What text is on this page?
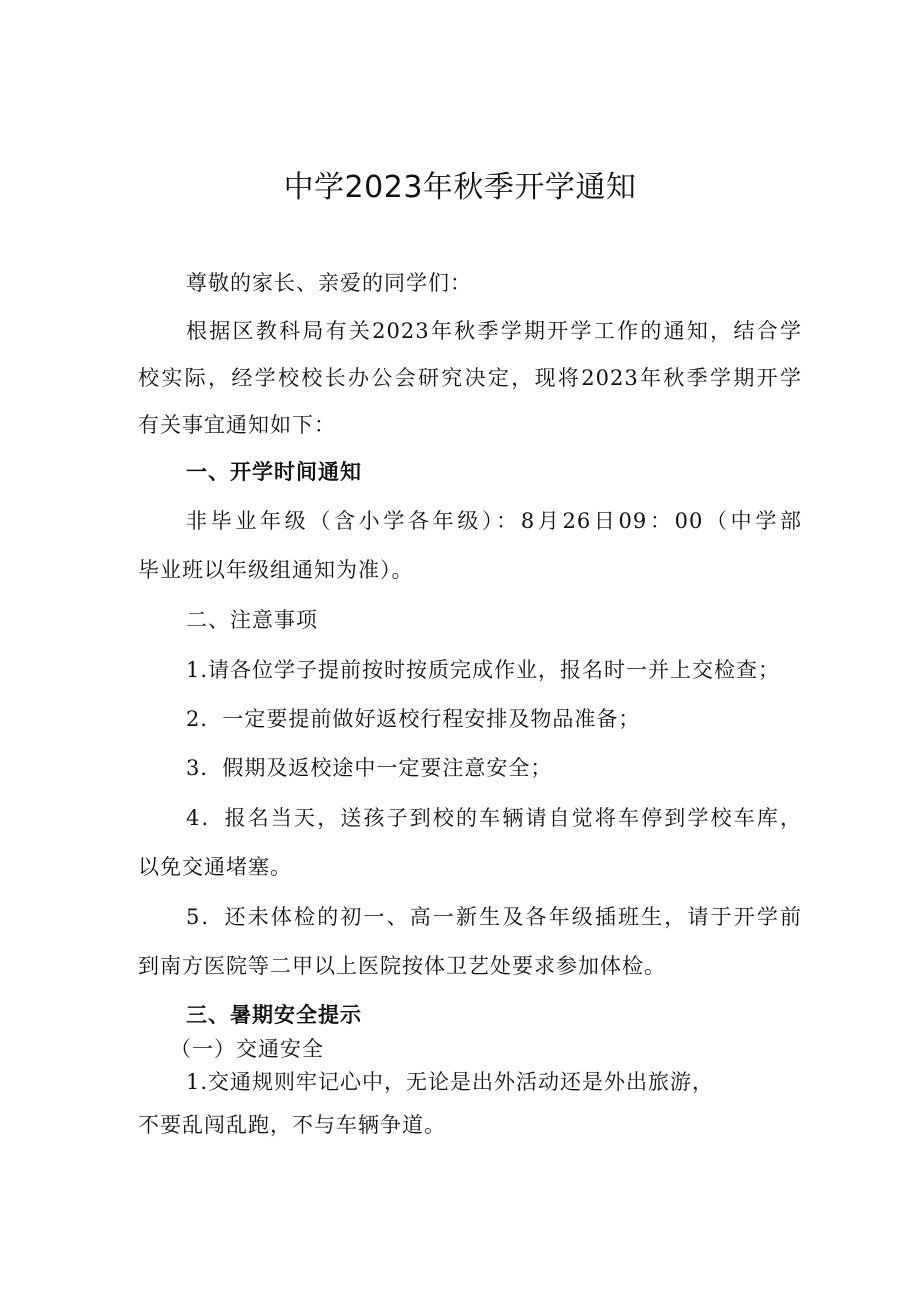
中学2023年秋季开学通知
尊敬的家长、亲爱的同学们：
根据区教科局有关2023年秋季学期开学工作的通知，结合学
校实际，经学校校长办公会研究决定，现将2023年秋季学期开学
有关事宜通知如下：
一、开学时间通知
非毕业年级（含小学各年级）：8月26日09：00（中学部
毕业班以年级组通知为准）。
二、注意事项
1.请各位学子提前按时按质完成作业，报名时一并上交检查；
2．一定要提前做好返校行程安排及物品准备；
3．假期及返校途中一定要注意安全；
4．报名当天，送孩子到校的车辆请自觉将车停到学校车库，
以免交通堵塞。
5．还未体检的初一、高一新生及各年级插班生，请于开学前
到南方医院等二甲以上医院按体卫艺处要求参加体检。
三、暑期安全提示
（一）交通安全
1.交通规则牢记心中，无论是出外活动还是外出旅游，
不要乱闯乱跑，不与车辆争道。
